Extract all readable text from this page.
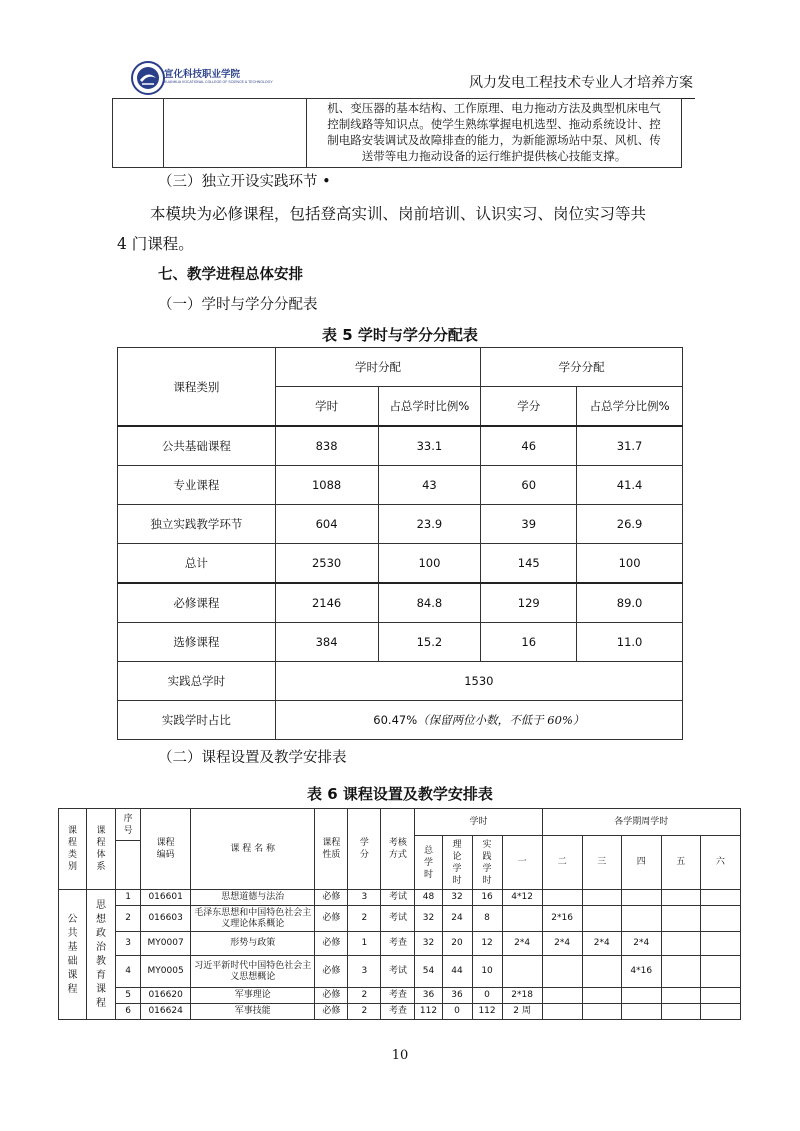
宣化科技职业学院
XUANHUA VOCATIONAL COLLEGE OF SCIENCE & TECHNOLOGY	风力发电工程技术专业人才培养方案

机、变压器的基本结构、工作原理、电力拖动方法及典型机床电气
控制线路等知识点。使学生熟练掌握电机选型、拖动系统设计、控
制电路安装调试及故障排查的能力，为新能源场站中泵、风机、传
送带等电力拖动设备的运行维护提供核心技能支撑。
（三）独立开设实践环节 •
本模块为必修课程，包括登高实训、岗前培训、认识实习、岗位实习等共
4 门课程。
七、教学进程总体安排
（一）学时与学分分配表
表 5 学时与学分分配表
课程类别	学时分配		学分分配	
	学时	占总学时比例%	学分	占总学分比例%
公共基础课程	838	33.1	46	31.7
专业课程	1088	43	60	41.4
独立实践教学环节	604	23.9	39	26.9
总计	2530	100	145	100
必修课程	2146	84.8	129	89.0
选修课程	384	15.2	16	11.0
实践总学时	1530			
实践学时占比	60.47%（保留两位小数，不低于 60%）			
（二）课程设置及教学安排表
表 6 课程设置及教学安排表
课程类别	课程体系	序号	课程编码	课 程 名 称	课程性质	学分	考核方式	学时				各学期周学时				

								总学时	理论学时	实践学时	一	二	三	四	五	六

公共基础课程	思想政治教育课程	1	016601	思想道德与法治	必修	3	考试	48	32	16	4*12					
		2	016603	毛泽东思想和中国特色社会主义理论体系概论	必修	2	考试	32	24	8		2*16				
		3	MY0007	形势与政策	必修	1	考查	32	20	12	2*4	2*4	2*4	2*4		
		4	MY0005	习近平新时代中国特色社会主义思想概论	必修	3	考试	54	44	10				4*16		
		5	016620	军事理论	必修	2	考查	36	36	0	2*18					
		6	016624	军事技能	必修	2	考查	112	0	112	2 周					
10
